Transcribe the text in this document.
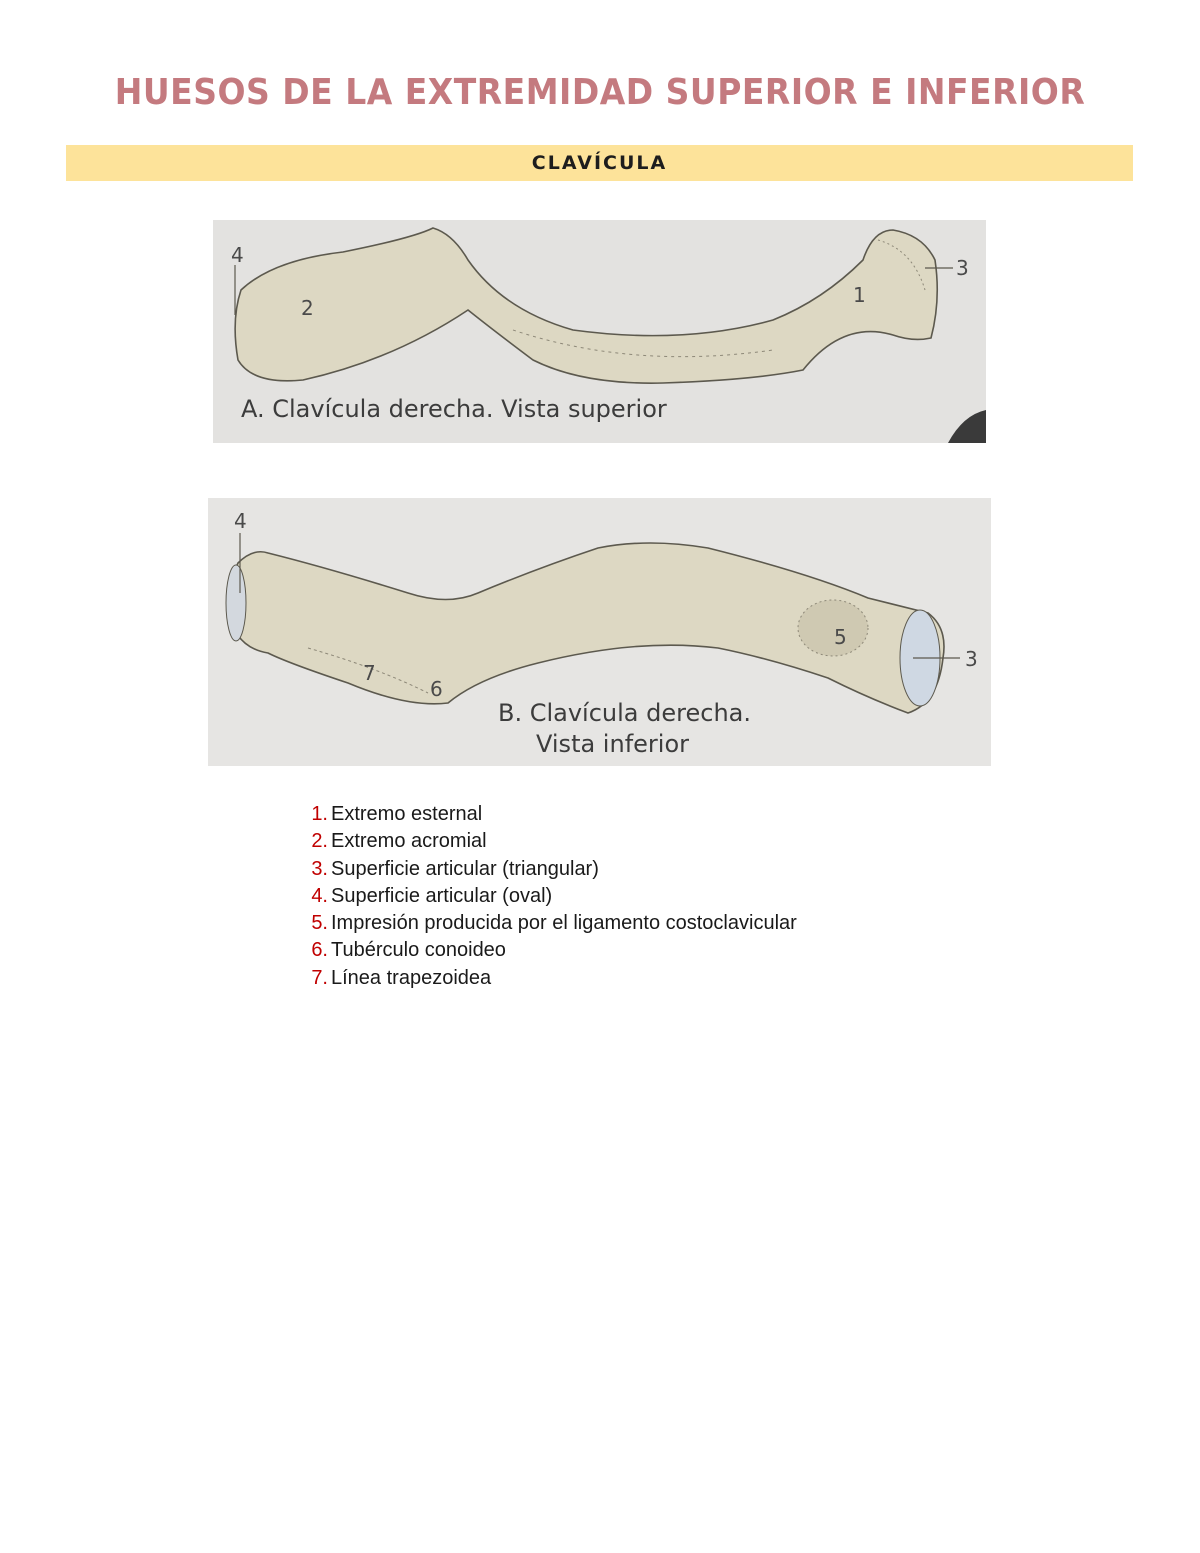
HUESOS DE LA EXTREMIDAD SUPERIOR E INFERIOR
CLAVÍCULA
4
2
1
3
A. Clavícula derecha. Vista superior
4
7
6
5
3
B. Clavícula derecha.
Vista inferior
1. Extremo esternal
2. Extremo acromial
3. Superficie articular (triangular)
4. Superficie articular (oval)
5. Impresión producida por el ligamento costoclavicular
6. Tubérculo conoideo
7. Línea trapezoidea
